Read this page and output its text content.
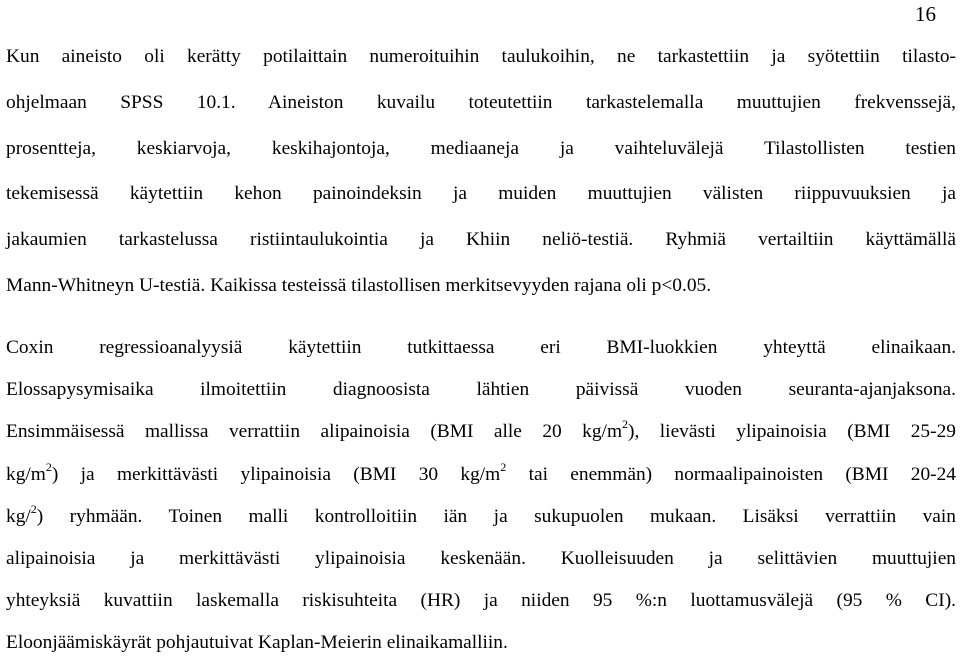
16
Kun aineisto oli kerätty potilaittain numeroituihin taulukoihin, ne tarkastettiin ja syötettiin tilasto-
ohjelmaan SPSS 10.1. Aineiston kuvailu toteutettiin tarkastelemalla muuttujien frekvenssejä,
prosentteja, keskiarvoja, keskihajontoja, mediaaneja ja vaihteluvälejä Tilastollisten testien
tekemisessä käytettiin kehon painoindeksin ja muiden muuttujien välisten riippuvuuksien ja
jakaumien tarkastelussa ristiintaulukointia ja Khiin neliö-testiä. Ryhmiä vertailtiin käyttämällä
Mann-Whitneyn U-testiä. Kaikissa testeissä tilastollisen merkitsevyyden rajana oli p<0.05.
Coxin regressioanalyysiä käytettiin tutkittaessa eri BMI-luokkien yhteyttä elinaikaan.
Elossapysymisaika ilmoitettiin diagnoosista lähtien päivissä vuoden seuranta-ajanjaksona.
Ensimmäisessä mallissa verrattiin alipainoisia (BMI alle 20 $kg/m^2$), lievästi ylipainoisia (BMI 25-29
$kg/m^2$) ja merkittävästi ylipainoisia (BMI 30 $kg/m^2$ tai enemmän) normaalipainoisten (BMI 20-24
kg/$^2$) ryhmään. Toinen malli kontrolloitiin iän ja sukupuolen mukaan. Lisäksi verrattiin vain
alipainoisia ja merkittävästi ylipainoisia keskenään. Kuolleisuuden ja selittävien muuttujien
yhteyksiä kuvattiin laskemalla riskisuhteita (HR) ja niiden 95 %:n luottamusvälejä (95 % CI).
Eloonjäämiskäyrät pohjautuivat Kaplan-Meierin elinaikamalliin.
